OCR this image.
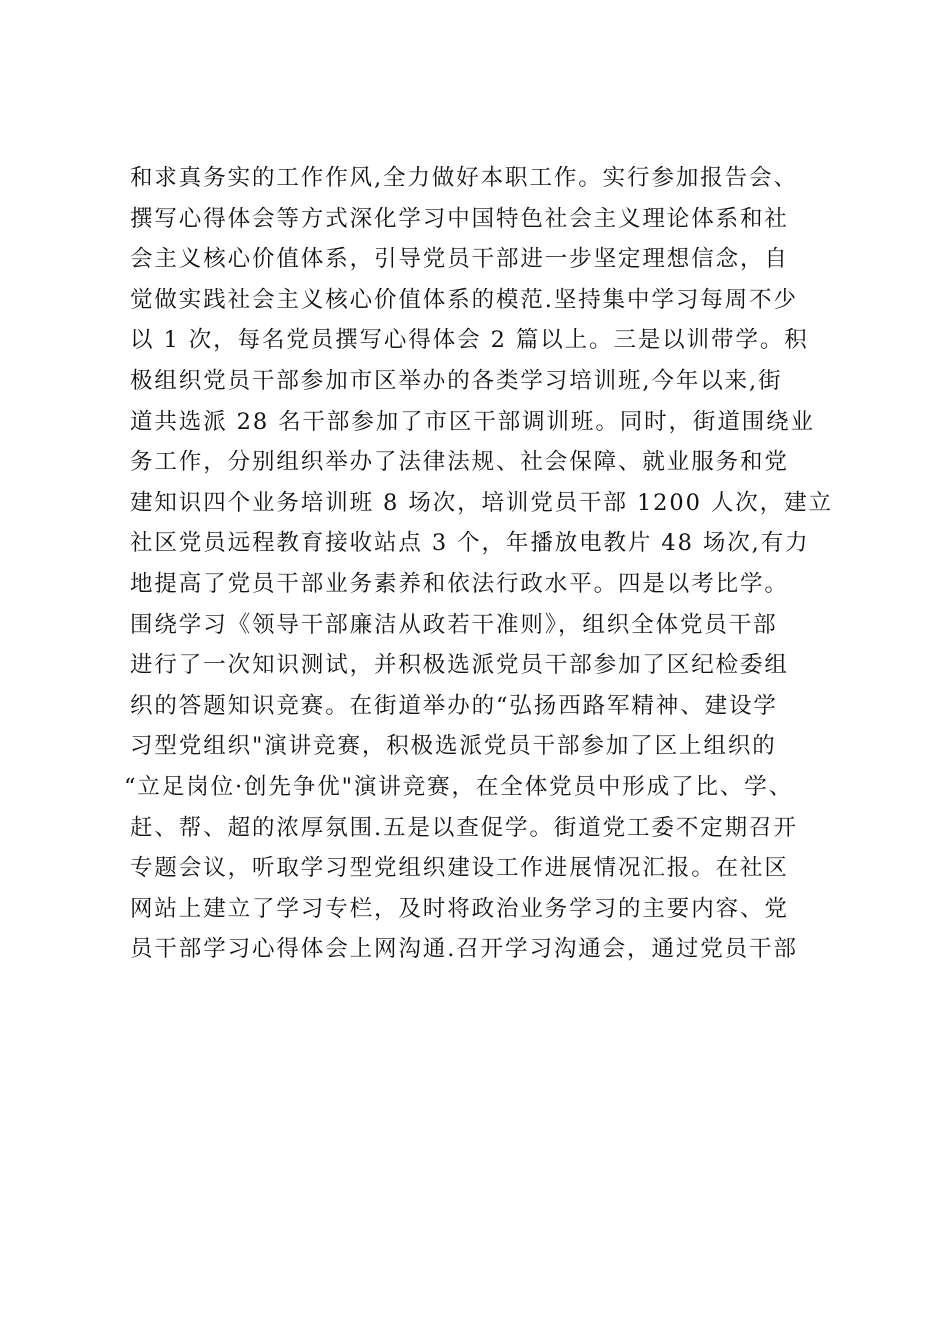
和求真务实的工作作风,全力做好本职工作。实行参加报告会、
撰写心得体会等方式深化学习中国特色社会主义理论体系和社
会主义核心价值体系，引导党员干部进一步坚定理想信念，自
觉做实践社会主义核心价值体系的模范.坚持集中学习每周不少
以 1 次，每名党员撰写心得体会 2 篇以上。三是以训带学。积
极组织党员干部参加市区举办的各类学习培训班,今年以来,街
道共选派 28 名干部参加了市区干部调训班。同时，街道围绕业
务工作，分别组织举办了法律法规、社会保障、就业服务和党
建知识四个业务培训班 8 场次，培训党员干部 1200 人次，建立
社区党员远程教育接收站点 3 个，年播放电教片 48 场次,有力
地提高了党员干部业务素养和依法行政水平。四是以考比学。
围绕学习《领导干部廉洁从政若干准则》，组织全体党员干部
进行了一次知识测试，并积极选派党员干部参加了区纪检委组
织的答题知识竞赛。在街道举办的“弘扬西路军精神、建设学
习型党组织"演讲竞赛，积极选派党员干部参加了区上组织的
“立足岗位·创先争优"演讲竞赛，在全体党员中形成了比、学、
赶、帮、超的浓厚氛围.五是以查促学。街道党工委不定期召开
专题会议，听取学习型党组织建设工作进展情况汇报。在社区
网站上建立了学习专栏，及时将政治业务学习的主要内容、党
员干部学习心得体会上网沟通.召开学习沟通会，通过党员干部
